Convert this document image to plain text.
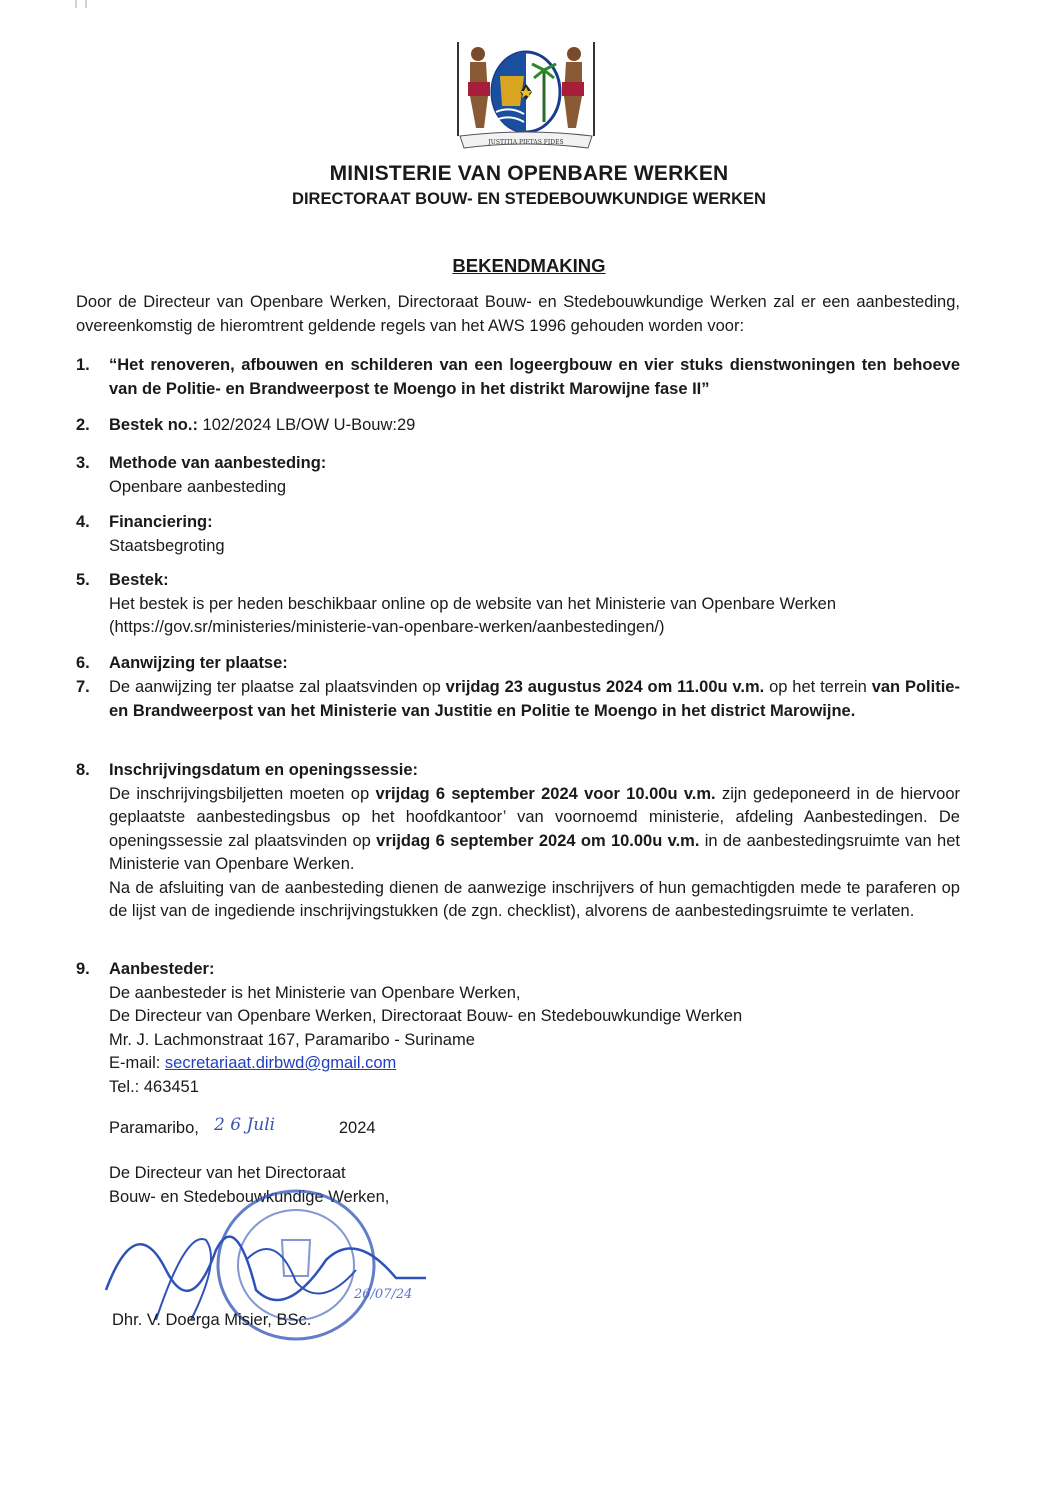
JUSTITIA PIETAS FIDES
MINISTERIE VAN OPENBARE WERKEN
DIRECTORAAT BOUW- EN STEDEBOUWKUNDIGE WERKEN
BEKENDMAKING
Door de Directeur van Openbare Werken, Directoraat Bouw- en Stedebouwkundige Werken zal er een aanbesteding, overeenkomstig de hieromtrent geldende regels van het AWS 1996 gehouden worden voor:
1. “Het renoveren, afbouwen en schilderen van een logeergbouw en vier stuks dienstwoningen ten behoeve van de Politie- en Brandweerpost te Moengo in het distrikt Marowijne fase II”
2. Bestek no.: 102/2024 LB/OW U-Bouw:29
3. Methode van aanbesteding:
Openbare aanbesteding
4. Financiering:
Staatsbegroting
5. Bestek:
Het bestek is per heden beschikbaar online op de website van het Ministerie van Openbare Werken (https://gov.sr/ministeries/ministerie-van-openbare-werken/aanbestedingen/)
6. Aanwijzing ter plaatse:
7. De aanwijzing ter plaatse zal plaatsvinden op vrijdag 23 augustus 2024 om 11.00u v.m. op het terrein van Politie- en Brandweerpost van het Ministerie van Justitie en Politie te Moengo in het district Marowijne.
8. Inschrijvingsdatum en openingssessie:
De inschrijvingsbiljetten moeten op vrijdag 6 september 2024 voor 10.00u v.m. zijn gedeponeerd in de hiervoor geplaatste aanbestedingsbus op het hoofdkantoor’ van voornoemd ministerie, afdeling Aanbestedingen. De openingssessie zal plaatsvinden op vrijdag 6 september 2024 om 10.00u v.m. in de aanbestedingsruimte van het Ministerie van Openbare Werken.
Na de afsluiting van de aanbesteding dienen de aanwezige inschrijvers of hun gemachtigden mede te paraferen op de lijst van de ingediende inschrijvingstukken (de zgn. checklist), alvorens de aanbestedingsruimte te verlaten.
9. Aanbesteder:
De aanbesteder is het Ministerie van Openbare Werken,
De Directeur van Openbare Werken, Directoraat Bouw- en Stedebouwkundige Werken
Mr. J. Lachmonstraat 167, Paramaribo - Suriname
E-mail: secretariaat.dirbwd@gmail.com
Tel.: 463451
Paramaribo,	2024
2 6 Juli
De Directeur van het Directoraat
Bouw- en Stedebouwkundige Werken,
26/07/24
Dhr. V. Doerga Misier, BSc.
